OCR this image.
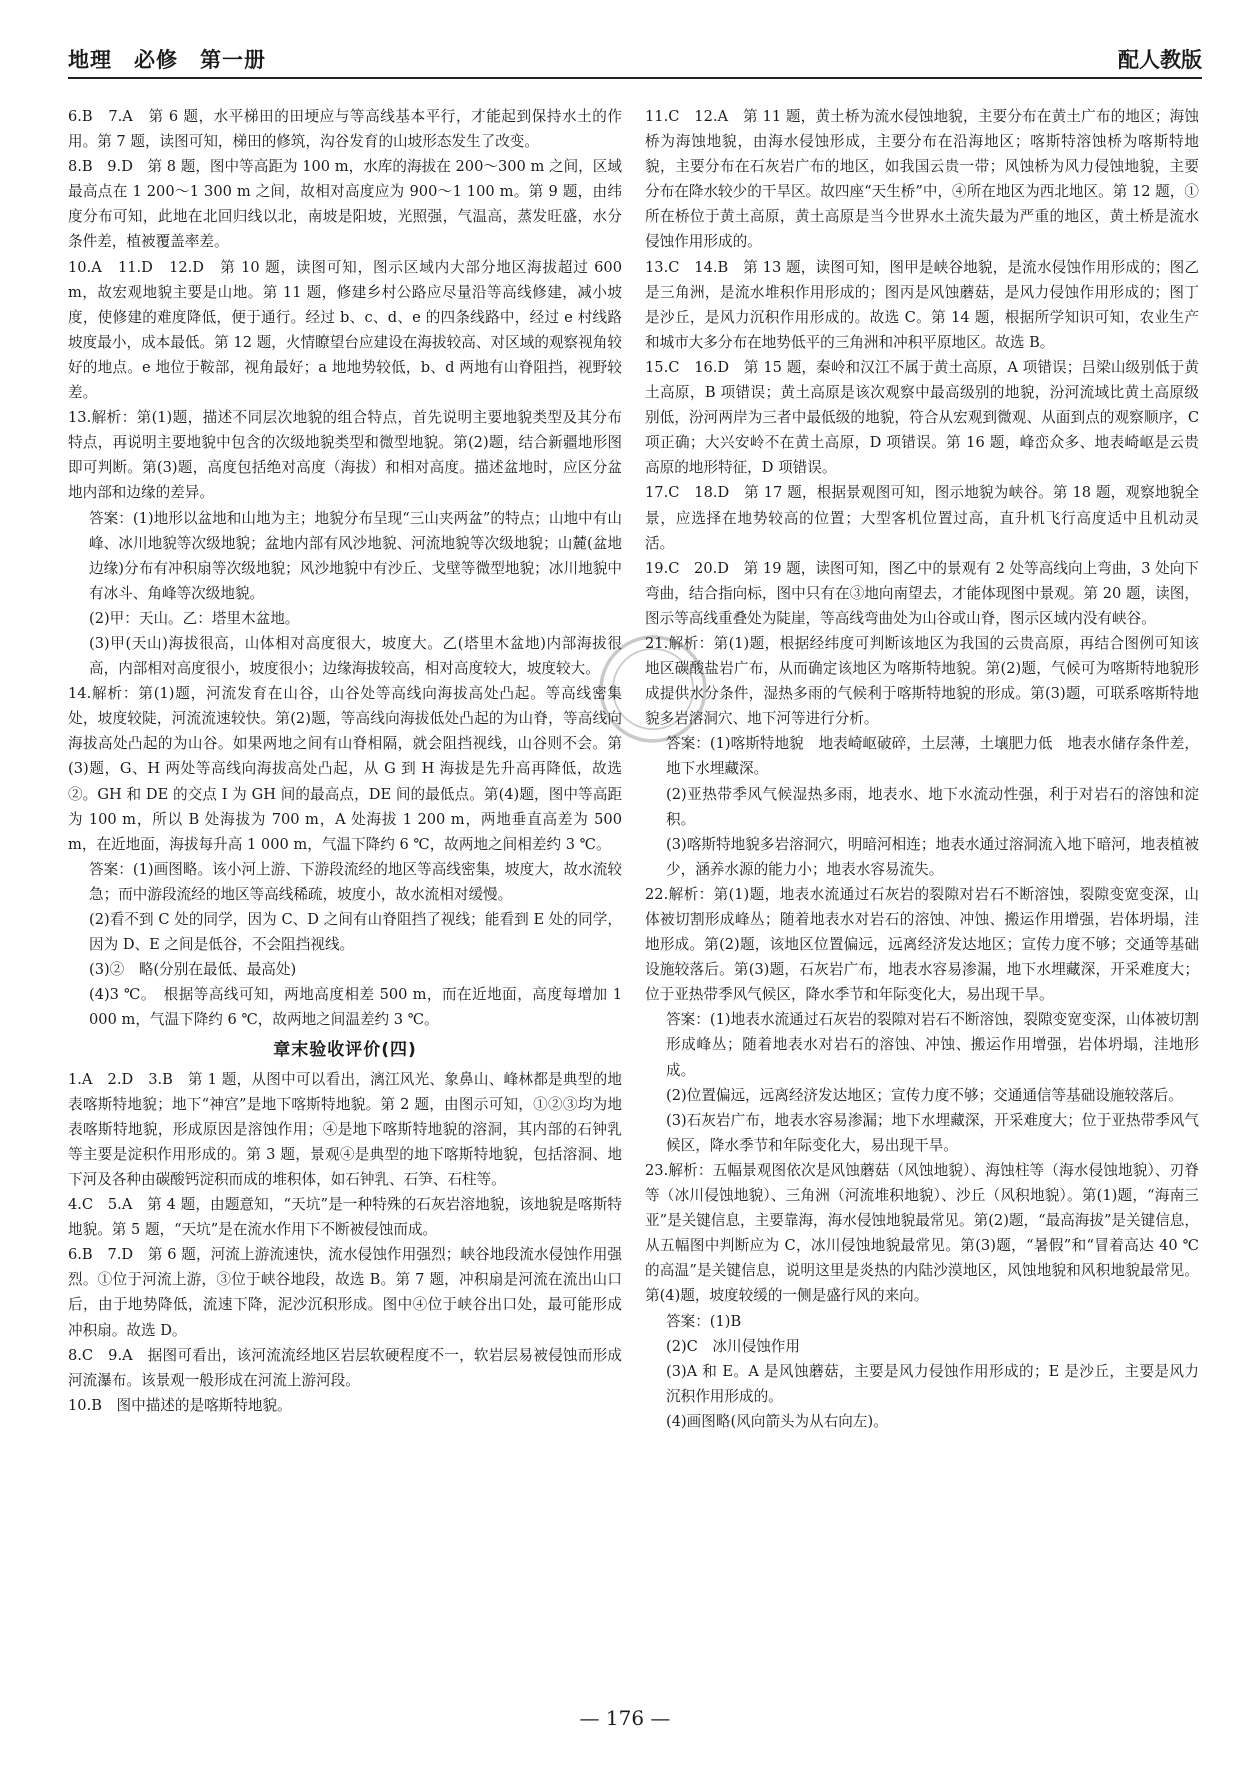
地理　必修　第一册	配人教版

6.B　7.A　第 6 题，水平梯田的田埂应与等高线基本平行，才能起到保持水土的作用。第 7 题，读图可知，梯田的修筑，沟谷发育的山坡形态发生了改变。

8.B　9.D　第 8 题，图中等高距为 100 m，水库的海拔在 200～300 m 之间，区域最高点在 1 200～1 300 m 之间，故相对高度应为 900～1 100 m。第 9 题，由纬度分布可知，此地在北回归线以北，南坡是阳坡，光照强，气温高，蒸发旺盛，水分条件差，植被覆盖率差。

10.A　11.D　12.D　第 10 题，读图可知，图示区域内大部分地区海拔超过 600 m，故宏观地貌主要是山地。第 11 题，修建乡村公路应尽量沿等高线修建，减小坡度，使修建的难度降低，便于通行。经过 b、c、d、e 的四条线路中，经过 e 村线路坡度最小，成本最低。第 12 题，火情瞭望台应建设在海拔较高、对区域的观察视角较好的地点。e 地位于鞍部，视角最好；a 地地势较低，b、d 两地有山脊阻挡，视野较差。

13.解析：第(1)题，描述不同层次地貌的组合特点，首先说明主要地貌类型及其分布特点，再说明主要地貌中包含的次级地貌类型和微型地貌。第(2)题，结合新疆地形图即可判断。第(3)题，高度包括绝对高度（海拔）和相对高度。描述盆地时，应区分盆地内部和边缘的差异。

答案：(1)地形以盆地和山地为主；地貌分布呈现“三山夹两盆”的特点；山地中有山峰、冰川地貌等次级地貌；盆地内部有风沙地貌、河流地貌等次级地貌；山麓(盆地边缘)分布有冲积扇等次级地貌；风沙地貌中有沙丘、戈壁等微型地貌；冰川地貌中有冰斗、角峰等次级地貌。

(2)甲：天山。乙：塔里木盆地。

(3)甲(天山)海拔很高，山体相对高度很大，坡度大。乙(塔里木盆地)内部海拔很高，内部相对高度很小，坡度很小；边缘海拔较高，相对高度较大，坡度较大。

14.解析：第(1)题，河流发育在山谷，山谷处等高线向海拔高处凸起。等高线密集处，坡度较陡，河流流速较快。第(2)题，等高线向海拔低处凸起的为山脊，等高线向海拔高处凸起的为山谷。如果两地之间有山脊相隔，就会阻挡视线，山谷则不会。第(3)题，G、H 两处等高线向海拔高处凸起，从 G 到 H 海拔是先升高再降低，故选②。GH 和 DE 的交点 I 为 GH 间的最高点，DE 间的最低点。第(4)题，图中等高距为 100 m，所以 B 处海拔为 700 m，A 处海拔 1 200 m，两地垂直高差为 500 m，在近地面，海拔每升高 1 000 m，气温下降约 6 ℃，故两地之间相差约 3 ℃。

答案：(1)画图略。该小河上游、下游段流经的地区等高线密集，坡度大，故水流较急；而中游段流经的地区等高线稀疏，坡度小，故水流相对缓慢。

(2)看不到 C 处的同学，因为 C、D 之间有山脊阻挡了视线；能看到 E 处的同学，因为 D、E 之间是低谷，不会阻挡视线。

(3)②　略(分别在最低、最高处)

(4)3 ℃。　根据等高线可知，两地高度相差 500 m，而在近地面，高度每增加 1 000 m，气温下降约 6 ℃，故两地之间温差约 3 ℃。

章末验收评价(四)

1.A　2.D　3.B　第 1 题，从图中可以看出，漓江风光、象鼻山、峰林都是典型的地表喀斯特地貌；地下“神宫”是地下喀斯特地貌。第 2 题，由图示可知，①②③均为地表喀斯特地貌，形成原因是溶蚀作用；④是地下喀斯特地貌的溶洞，其内部的石钟乳等主要是淀积作用形成的。第 3 题，景观④是典型的地下喀斯特地貌，包括溶洞、地下河及各种由碳酸钙淀积而成的堆积体，如石钟乳、石笋、石柱等。

4.C　5.A　第 4 题，由题意知，“天坑”是一种特殊的石灰岩溶地貌，该地貌是喀斯特地貌。第 5 题，“天坑”是在流水作用下不断被侵蚀而成。

6.B　7.D　第 6 题，河流上游流速快，流水侵蚀作用强烈；峡谷地段流水侵蚀作用强烈。①位于河流上游，③位于峡谷地段，故选 B。第 7 题，冲积扇是河流在流出山口后，由于地势降低，流速下降，泥沙沉积形成。图中④位于峡谷出口处，最可能形成冲积扇。故选 D。

8.C　9.A　据图可看出，该河流流经地区岩层软硬程度不一，软岩层易被侵蚀而形成河流瀑布。该景观一般形成在河流上游河段。

10.B　图中描述的是喀斯特地貌。

11.C　12.A　第 11 题，黄土桥为流水侵蚀地貌，主要分布在黄土广布的地区；海蚀桥为海蚀地貌，由海水侵蚀形成，主要分布在沿海地区；喀斯特溶蚀桥为喀斯特地貌，主要分布在石灰岩广布的地区，如我国云贵一带；风蚀桥为风力侵蚀地貌，主要分布在降水较少的干旱区。故四座“天生桥”中，④所在地区为西北地区。第 12 题，①所在桥位于黄土高原，黄土高原是当今世界水土流失最为严重的地区，黄土桥是流水侵蚀作用形成的。

13.C　14.B　第 13 题，读图可知，图甲是峡谷地貌，是流水侵蚀作用形成的；图乙是三角洲，是流水堆积作用形成的；图丙是风蚀蘑菇，是风力侵蚀作用形成的；图丁是沙丘，是风力沉积作用形成的。故选 C。第 14 题，根据所学知识可知，农业生产和城市大多分布在地势低平的三角洲和冲积平原地区。故选 B。

15.C　16.D　第 15 题，秦岭和汉江不属于黄土高原，A 项错误；吕梁山级别低于黄土高原，B 项错误；黄土高原是该次观察中最高级别的地貌，汾河流域比黄土高原级别低，汾河两岸为三者中最低级的地貌，符合从宏观到微观、从面到点的观察顺序，C 项正确；大兴安岭不在黄土高原，D 项错误。第 16 题，峰峦众多、地表崎岖是云贵高原的地形特征，D 项错误。

17.C　18.D　第 17 题，根据景观图可知，图示地貌为峡谷。第 18 题，观察地貌全景，应选择在地势较高的位置；大型客机位置过高，直升机飞行高度适中且机动灵活。

19.C　20.D　第 19 题，读图可知，图乙中的景观有 2 处等高线向上弯曲，3 处向下弯曲，结合指向标，图中只有在③地向南望去，才能体现图中景观。第 20 题，读图，图示等高线重叠处为陡崖，等高线弯曲处为山谷或山脊，图示区域内没有峡谷。

21.解析：第(1)题，根据经纬度可判断该地区为我国的云贵高原，再结合图例可知该地区碳酸盐岩广布，从而确定该地区为喀斯特地貌。第(2)题，气候可为喀斯特地貌形成提供水分条件，湿热多雨的气候利于喀斯特地貌的形成。第(3)题，可联系喀斯特地貌多岩溶洞穴、地下河等进行分析。

答案：(1)喀斯特地貌　地表崎岖破碎，土层薄，土壤肥力低　地表水储存条件差，地下水埋藏深。

(2)亚热带季风气候湿热多雨，地表水、地下水流动性强，利于对岩石的溶蚀和淀积。

(3)喀斯特地貌多岩溶洞穴，明暗河相连；地表水通过溶洞流入地下暗河，地表植被少，涵养水源的能力小；地表水容易流失。

22.解析：第(1)题，地表水流通过石灰岩的裂隙对岩石不断溶蚀，裂隙变宽变深，山体被切割形成峰丛；随着地表水对岩石的溶蚀、冲蚀、搬运作用增强，岩体坍塌，洼地形成。第(2)题，该地区位置偏远，远离经济发达地区；宣传力度不够；交通等基础设施较落后。第(3)题，石灰岩广布，地表水容易渗漏，地下水埋藏深，开采难度大；位于亚热带季风气候区，降水季节和年际变化大，易出现干旱。

答案：(1)地表水流通过石灰岩的裂隙对岩石不断溶蚀，裂隙变宽变深，山体被切割形成峰丛；随着地表水对岩石的溶蚀、冲蚀、搬运作用增强，岩体坍塌，洼地形成。

(2)位置偏远，远离经济发达地区；宣传力度不够；交通通信等基础设施较落后。

(3)石灰岩广布，地表水容易渗漏；地下水埋藏深，开采难度大；位于亚热带季风气候区，降水季节和年际变化大，易出现干旱。

23.解析：五幅景观图依次是风蚀蘑菇（风蚀地貌）、海蚀柱等（海水侵蚀地貌）、刃脊等（冰川侵蚀地貌）、三角洲（河流堆积地貌）、沙丘（风积地貌）。第(1)题，“海南三亚”是关键信息，主要靠海，海水侵蚀地貌最常见。第(2)题，“最高海拔”是关键信息，从五幅图中判断应为 C，冰川侵蚀地貌最常见。第(3)题，“暑假”和“冒着高达 40 ℃的高温”是关键信息，说明这里是炎热的内陆沙漠地区，风蚀地貌和风积地貌最常见。第(4)题，坡度较缓的一侧是盛行风的来向。

答案：(1)B

(2)C　冰川侵蚀作用

(3)A 和 E。A 是风蚀蘑菇，主要是风力侵蚀作用形成的；E 是沙丘，主要是风力沉积作用形成的。

(4)画图略(风向箭头为从右向左)。

— 176 —
